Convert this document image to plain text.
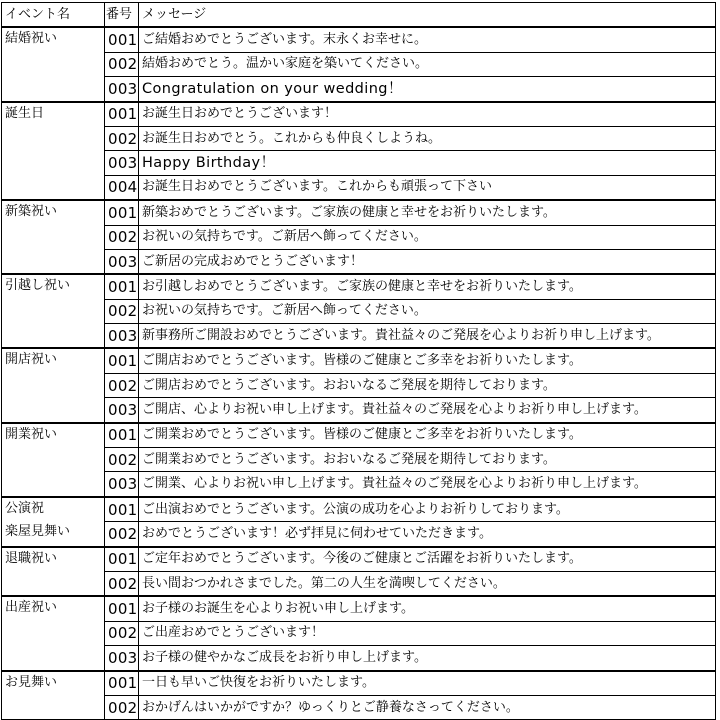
イベント名	番号	メッセージ

結婚祝い	001	ご結婚おめでとうございます。末永くお幸せに。
	002	結婚おめでとう。温かい家庭を築いてください。
	003	Congratulation on your wedding！

誕生日	001	お誕生日おめでとうございます！
	002	お誕生日おめでとう。これからも仲良くしようね。
	003	Happy Birthday！
	004	お誕生日おめでとうございます。これからも頑張って下さい

新築祝い	001	新築おめでとうございます。ご家族の健康と幸せをお祈りいたします。
	002	お祝いの気持ちです。ご新居へ飾ってください。
	003	ご新居の完成おめでとうございます！

引越し祝い	001	お引越しおめでとうございます。ご家族の健康と幸せをお祈りいたします。
	002	お祝いの気持ちです。ご新居へ飾ってください。
	003	新事務所ご開設おめでとうございます。貴社益々のご発展を心よりお祈り申し上げます。

開店祝い	001	ご開店おめでとうございます。皆様のご健康とご多幸をお祈りいたします。
	002	ご開店おめでとうございます。おおいなるご発展を期待しております。
	003	ご開店、心よりお祝い申し上げます。貴社益々のご発展を心よりお祈り申し上げます。

開業祝い	001	ご開業おめでとうございます。皆様のご健康とご多幸をお祈りいたします。
	002	ご開業おめでとうございます。おおいなるご発展を期待しております。
	003	ご開業、心よりお祝い申し上げます。貴社益々のご発展を心よりお祈り申し上げます。

公演祝
楽屋見舞い	001	ご出演おめでとうございます。公演の成功を心よりお祈りしております。
	002	おめでとうございます！必ず拝見に伺わせていただきます。

退職祝い	001	ご定年おめでとうございます。今後のご健康とご活躍をお祈りいたします。
	002	長い間おつかれさまでした。第二の人生を満喫してください。

出産祝い	001	お子様のお誕生を心よりお祝い申し上げます。
	002	ご出産おめでとうございます！
	003	お子様の健やかなご成長をお祈り申し上げます。

お見舞い	001	一日も早いご快復をお祈りいたします。
	002	おかげんはいかがですか？ゆっくりとご静養なさってください。
